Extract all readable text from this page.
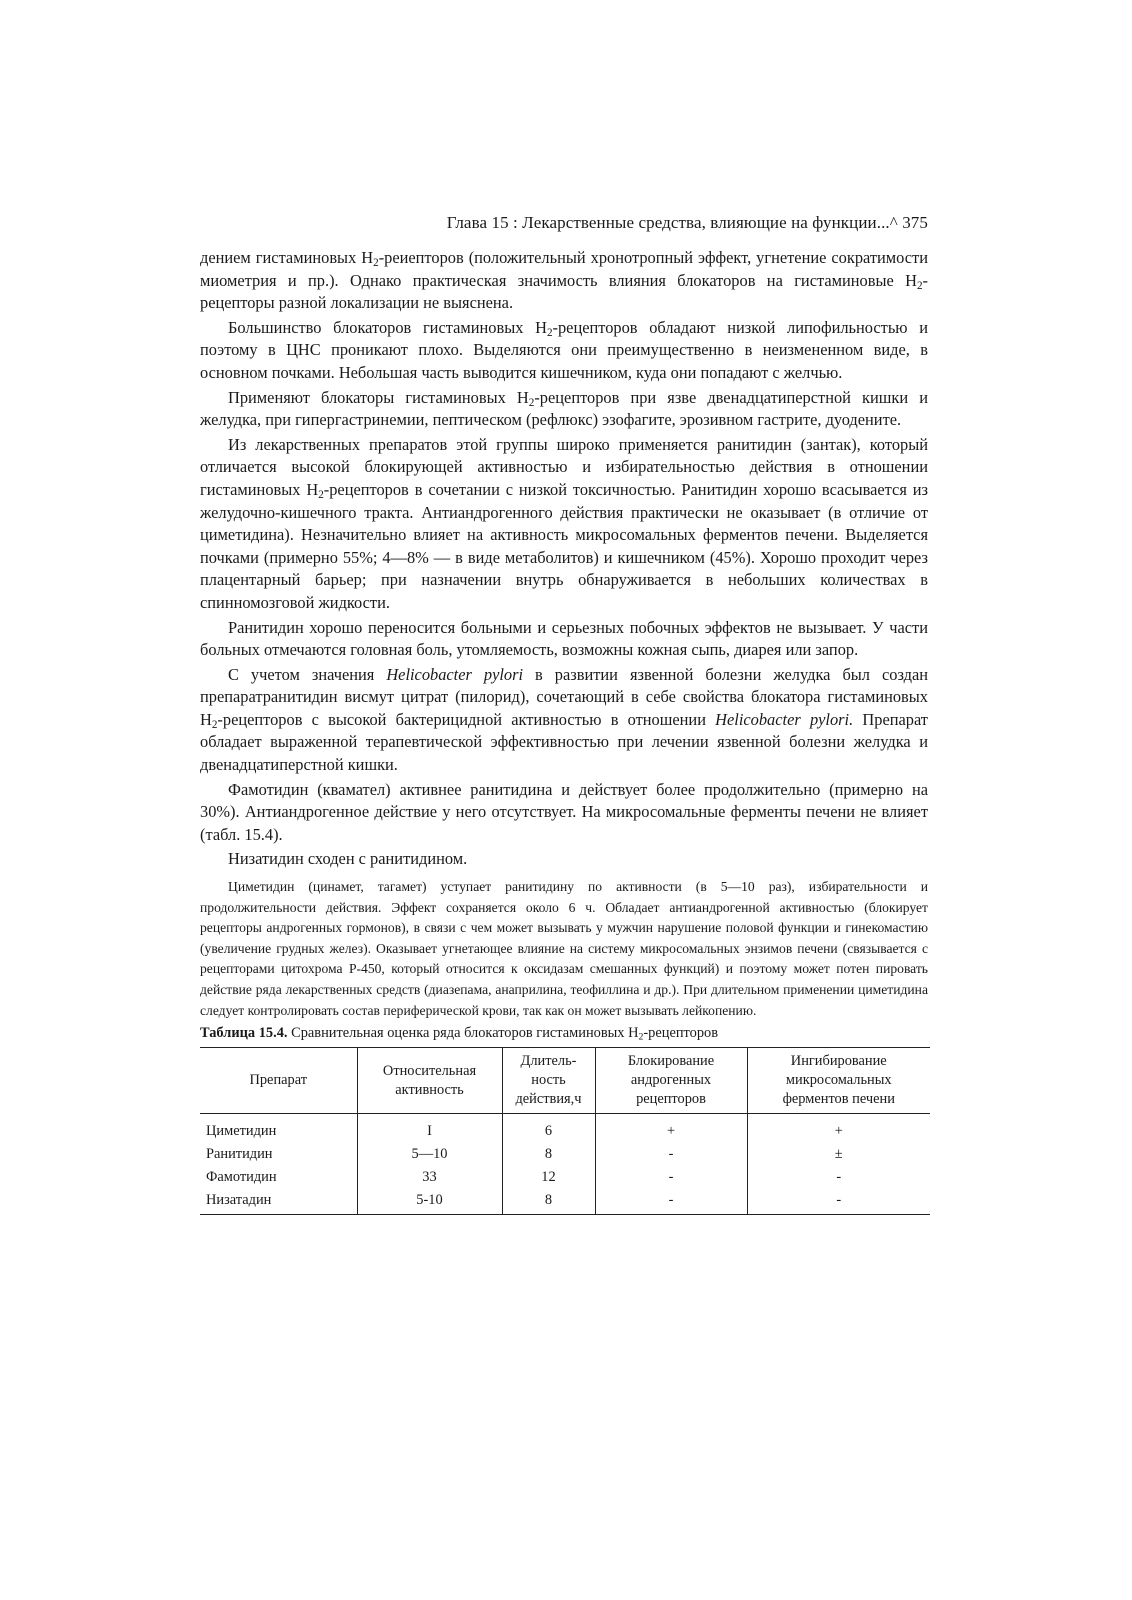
Глава 15 : Лекарственные средства, влияющие на функции...^ 375

дением гистаминовых $Н_2$-реиепторов (положительный хронотропный эффект, угнетение сократимости миометрия и пр.). Однако практическая значимость влияния блокаторов на гистаминовые $Н_2$-рецепторы разной локализации не выяснена.

Большинство блокаторов гистаминовых $Н_2$-рецепторов обладают низкой липофильностью и поэтому в ЦНС проникают плохо. Выделяются они преимущественно в неизмененном виде, в основном почками. Небольшая часть выводится кишечником, куда они попадают с желчью.

Применяют блокаторы гистаминовых $Н_2$-рецепторов при язве двенадцатиперстной кишки и желудка, при гипергастринемии, пептическом (рефлюкс) эзофагите, эрозивном гастрите, дуодените.

Из лекарственных препаратов этой группы широко применяется ранитидин (зантак), который отличается высокой блокирующей активностью и избирательностью действия в отношении гистаминовых $Н_2$-рецепторов в сочетании с низкой токсичностью. Ранитидин хорошо всасывается из желудочно-кишечного тракта. Антиандрогенного действия практически не оказывает (в отличие от циметидина). Незначительно влияет на активность микросомальных ферментов печени. Выделяется почками (примерно 55%; 4—8% — в виде метаболитов) и кишечником (45%). Хорошо проходит через плацентарный барьер; при назначении внутрь обнаруживается в небольших количествах в спинномозговой жидкости.

Ранитидин хорошо переносится больными и серьезных побочных эффектов не вызывает. У части больных отмечаются головная боль, утомляемость, возможны кожная сыпь, диарея или запор.

С учетом значения Helicobacter pylori в развитии язвенной болезни желудка был создан препаратранитидин висмут цитрат (пилорид), сочетающий в себе свойства блокатора гистаминовых $Н_2$-рецепторов с высокой бактерицидной активностью в отношении Helicobacter pylori. Препарат обладает выраженной терапевтической эффективностью при лечении язвенной болезни желудка и двенадцатиперстной кишки.

Фамотидин (квамател) активнее ранитидина и действует более продолжительно (примерно на 30%). Антиандрогенное действие у него отсутствует. На микросомальные ферменты печени не влияет (табл. 15.4).

Низатидин сходен с ранитидином.

Циметидин (цинамет, тагамет) уступает ранитидину по активности (в 5—10 раз), избирательности и продолжительности действия. Эффект сохраняется около 6 ч. Обладает антиандрогенной активностью (блокирует рецепторы андрогенных гормонов), в связи с чем может вызывать у мужчин нарушение половой функции и гинекомастию (увеличение грудных желез). Оказывает угнетающее влияние на систему микросомальных энзимов печени (связывается с рецепторами цитохрома Р-450, который относится к оксидазам смешанных функций) и поэтому может потен пировать действие ряда лекарственных средств (диазепама, анаприлина, теофиллина и др.). При длительном применении циметидина следует контролировать состав периферической крови, так как он может вызывать лейкопению.

Таблица 15.4. Сравнительная оценка ряда блокаторов гистаминовых $Н_2$-рецепторов

Препарат	Относительная активность	Длитель- ность действия,ч	Блокирование андрогенных рецепторов	Ингибирование микросомальных ферментов печени
Циметидин	I	6	+	+
Ранитидин	5—10	8	-	±
Фамотидин	33	12	-	-
Низатадин	5-10	8	-	-
